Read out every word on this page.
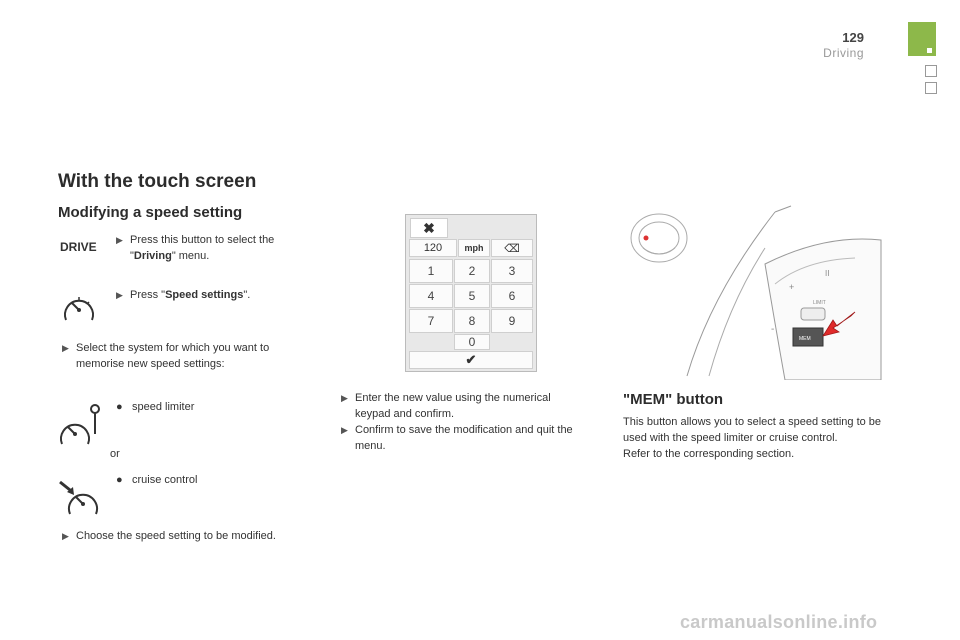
129
Driving
With the touch screen
Modifying a speed setting
DRIVE ▶ Press this button to select the
"Driving" menu.
▶ Press "Speed settings".
▶ Select the system for which you want to memorise new speed settings:
● speed limiter
or
● cruise control
▶ Choose the speed setting to be modified.
✖
120 mph ⌫
1	2	3
4	5	6
7	8	9
0
✔
▶ Enter the new value using the numerical keypad and confirm.
▶ Confirm to save the modification and quit the menu.
+
II
-
LIMIT
MEM
"MEM" button
This button allows you to select a speed setting to be used with the speed limiter or cruise control.
Refer to the corresponding section.
carmanualsonline.info
